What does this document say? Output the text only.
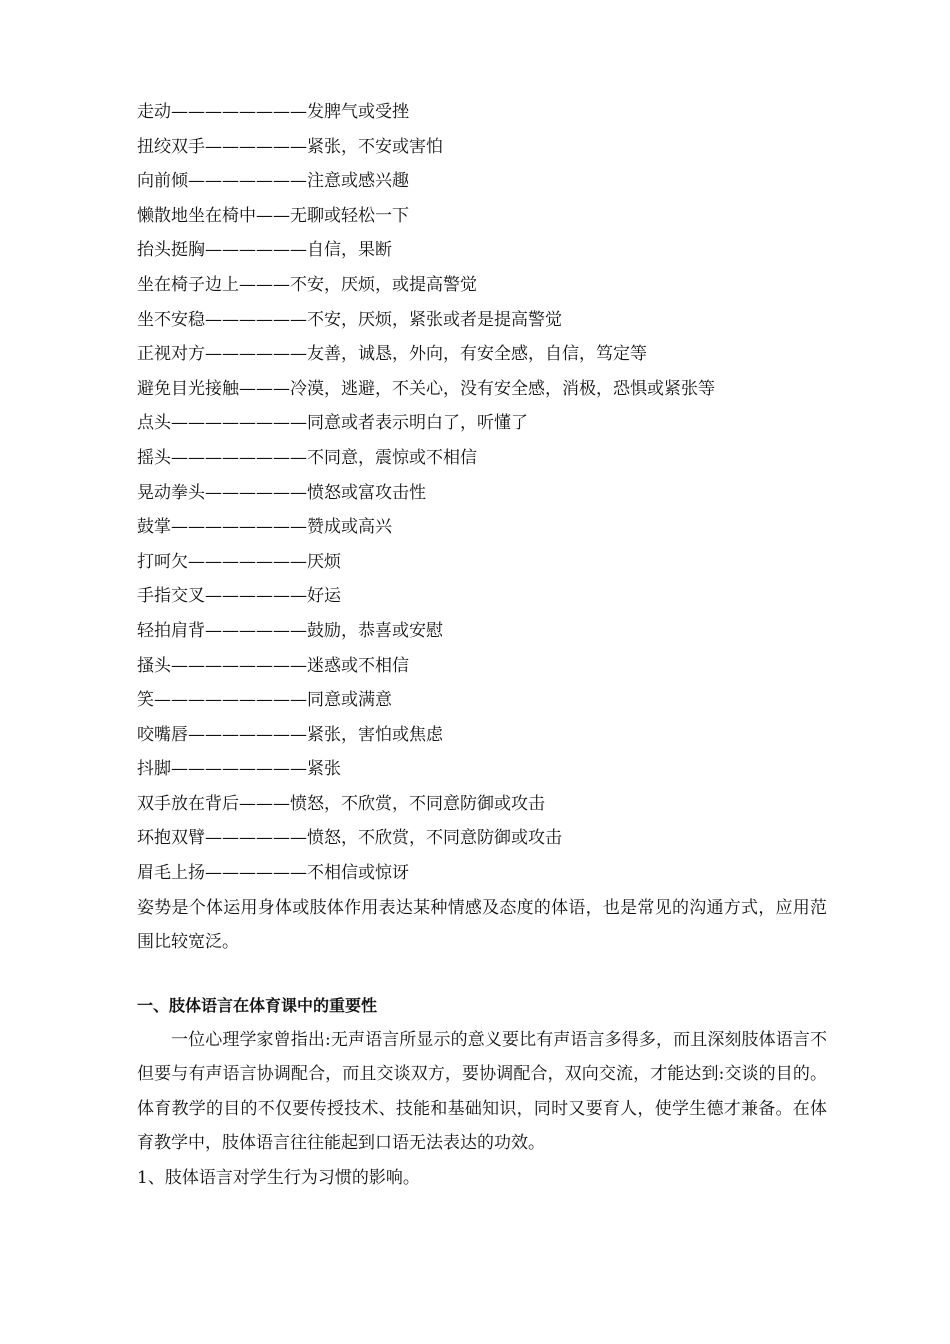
走动————————发脾气或受挫
扭绞双手——————紧张，不安或害怕
向前倾———————注意或感兴趣
懒散地坐在椅中——无聊或轻松一下
抬头挺胸——————自信，果断
坐在椅子边上———不安，厌烦，或提高警觉
坐不安稳——————不安，厌烦，紧张或者是提高警觉
正视对方——————友善，诚恳，外向，有安全感，自信，笃定等
避免目光接触———冷漠，逃避，不关心，没有安全感，消极，恐惧或紧张等
点头————————同意或者表示明白了，听懂了
摇头————————不同意，震惊或不相信
晃动拳头——————愤怒或富攻击性
鼓掌————————赞成或高兴
打呵欠———————厌烦
手指交叉——————好运
轻拍肩背——————鼓励，恭喜或安慰
搔头————————迷惑或不相信
笑—————————同意或满意
咬嘴唇———————紧张，害怕或焦虑
抖脚————————紧张
双手放在背后———愤怒，不欣赏，不同意防御或攻击
环抱双臂——————愤怒，不欣赏，不同意防御或攻击
眉毛上扬——————不相信或惊讶

姿势是个体运用身体或肢体作用表达某种情感及态度的体语，也是常见的沟通方式，应用范围比较宽泛。

一、肢体语言在体育课中的重要性

一位心理学家曾指出:无声语言所显示的意义要比有声语言多得多，而且深刻肢体语言不但要与有声语言协调配合，而且交谈双方，要协调配合，双向交流，才能达到:交谈的目的。体育教学的目的不仅要传授技术、技能和基础知识，同时又要育人，使学生德才兼备。在体育教学中，肢体语言往往能起到口语无法表达的功效。

1、肢体语言对学生行为习惯的影响。
